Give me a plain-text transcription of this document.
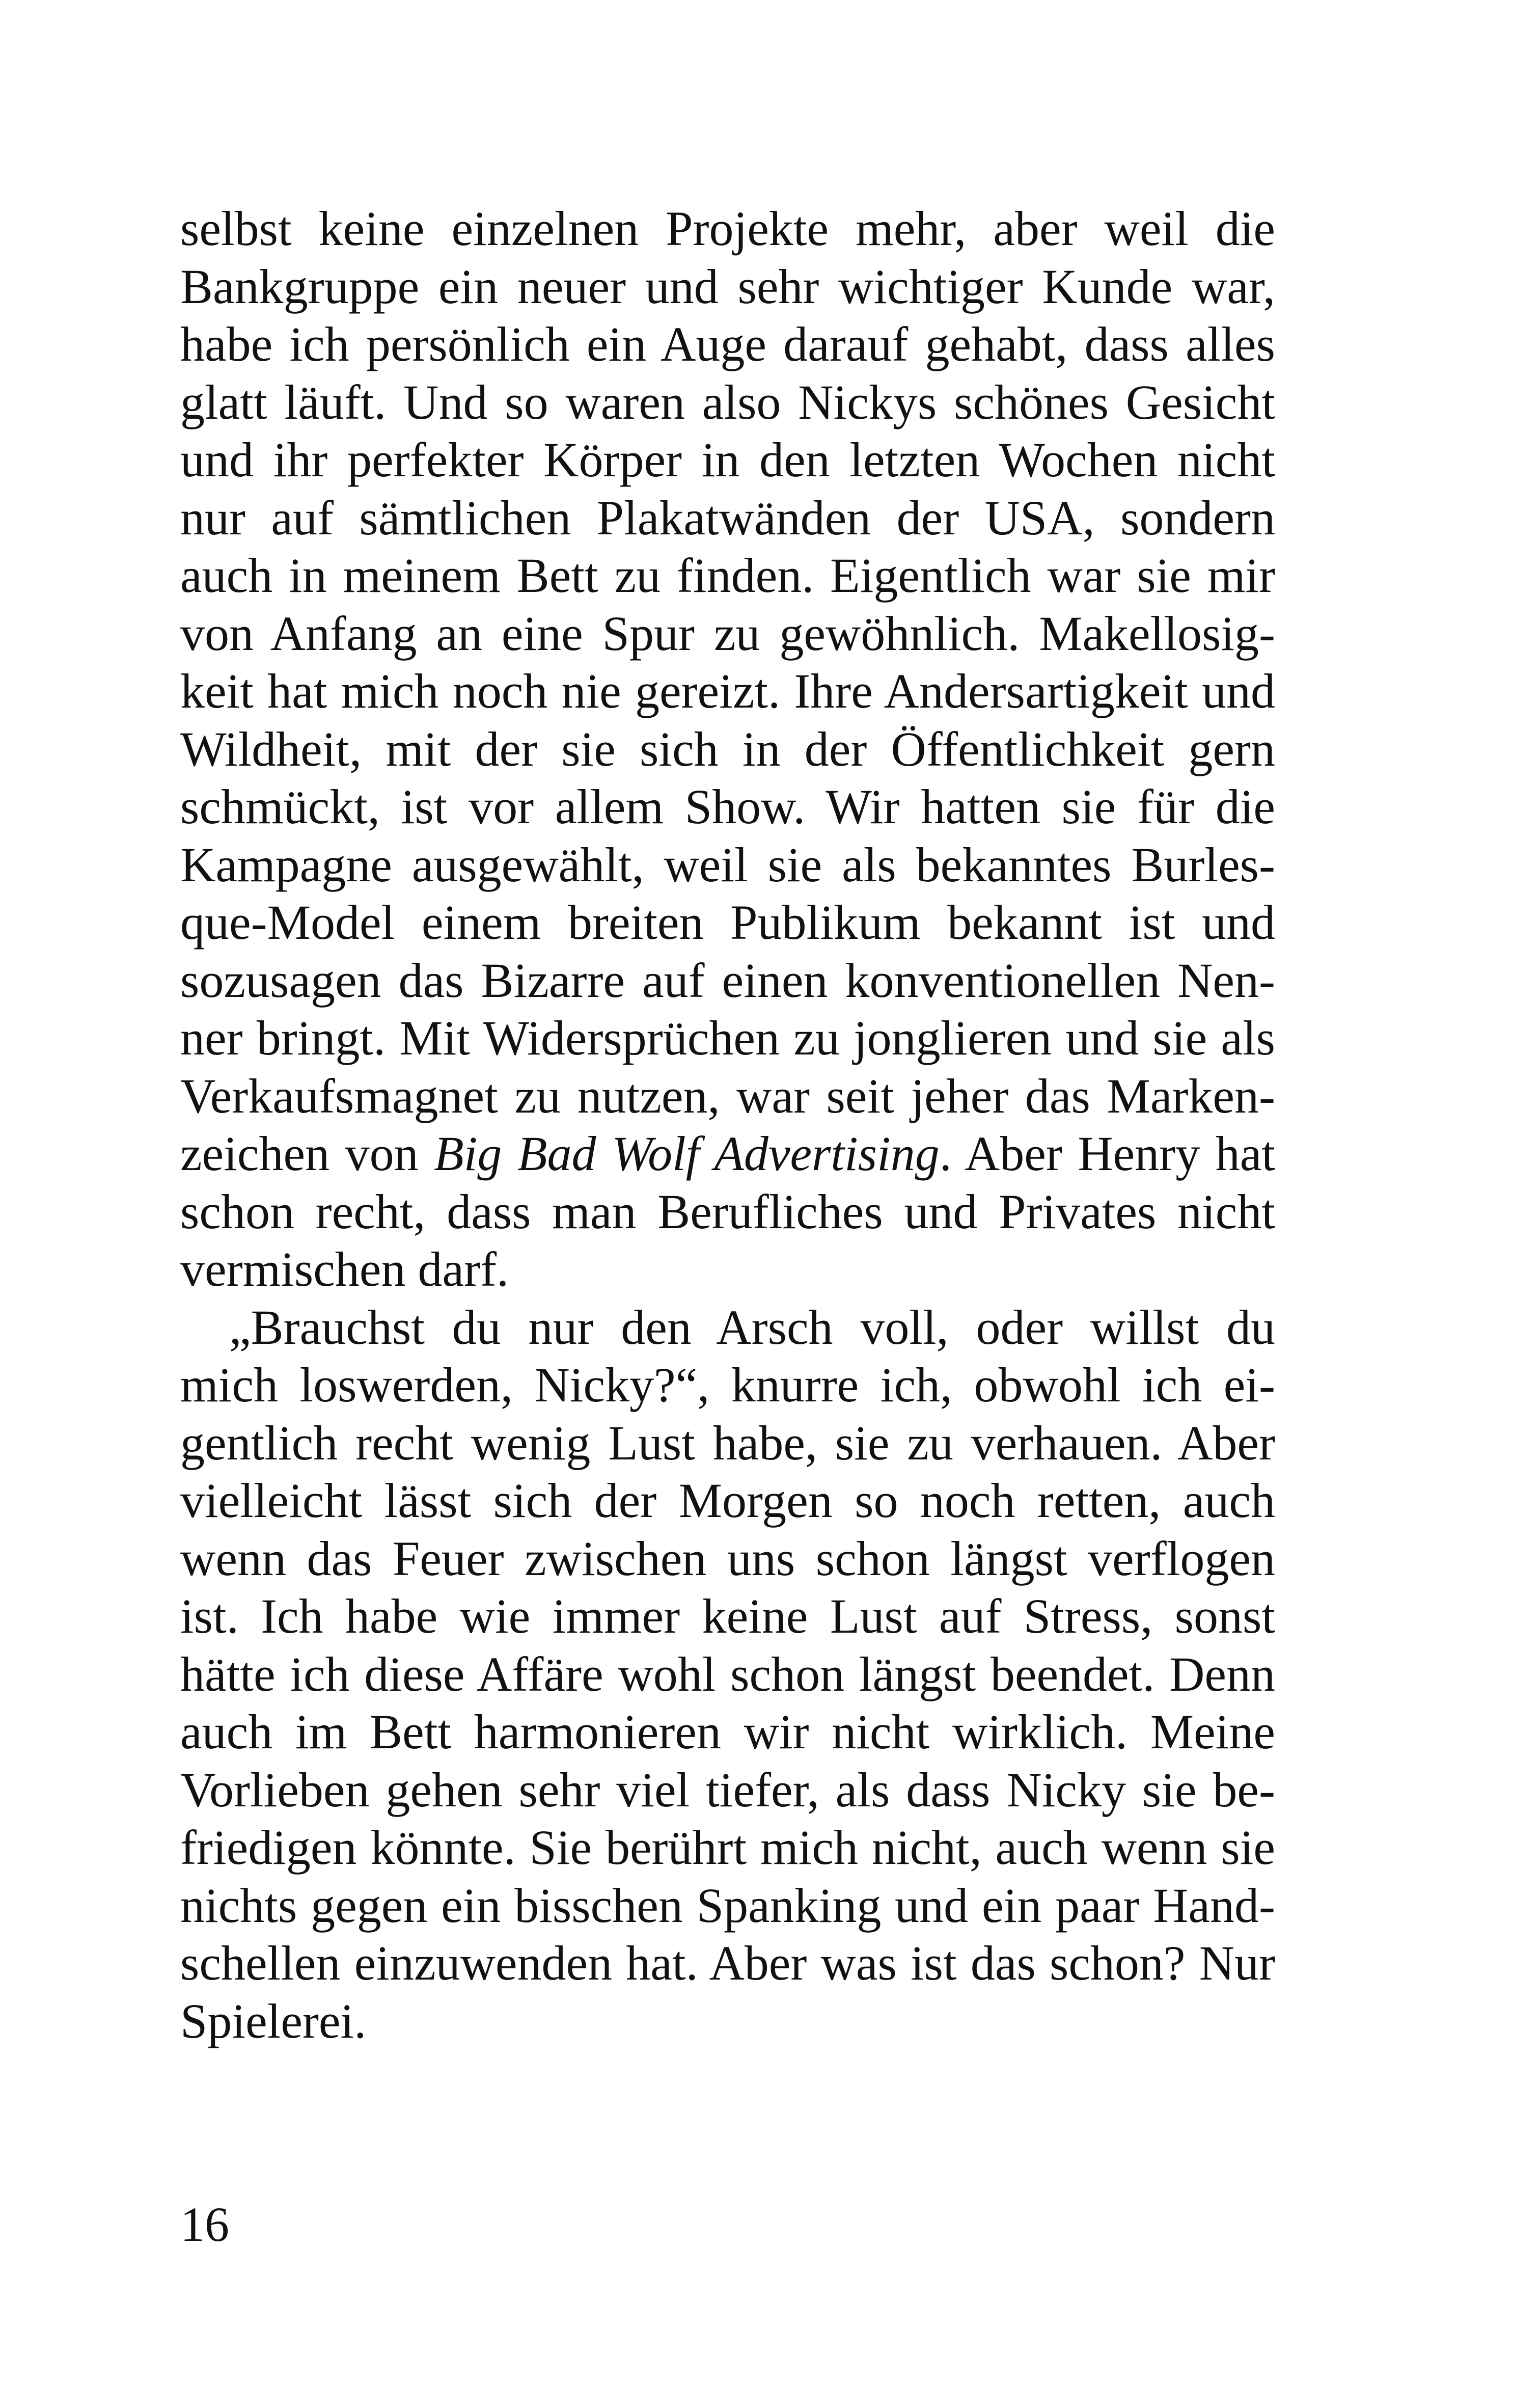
selbst keine einzelnen Projekte mehr, aber weil die
Bankgruppe ein neuer und sehr wichtiger Kunde war,
habe ich persönlich ein Auge darauf gehabt, dass alles
glatt läuft. Und so waren also Nickys schönes Gesicht
und ihr perfekter Körper in den letzten Wochen nicht
nur auf sämtlichen Plakatwänden der USA, sondern
auch in meinem Bett zu finden. Eigentlich war sie mir
von Anfang an eine Spur zu gewöhnlich. Makellosig-
keit hat mich noch nie gereizt. Ihre Andersartigkeit und
Wildheit, mit der sie sich in der Öffentlichkeit gern
schmückt, ist vor allem Show. Wir hatten sie für die
Kampagne ausgewählt, weil sie als bekanntes Burles-
que-Model einem breiten Publikum bekannt ist und
sozusagen das Bizarre auf einen konventionellen Nen-
ner bringt. Mit Widersprüchen zu jonglieren und sie als
Verkaufsmagnet zu nutzen, war seit jeher das Marken-
zeichen von Big Bad Wolf Advertising. Aber Henry hat
schon recht, dass man Berufliches und Privates nicht
vermischen darf.
„Brauchst du nur den Arsch voll, oder willst du
mich loswerden, Nicky?“, knurre ich, obwohl ich ei-
gentlich recht wenig Lust habe, sie zu verhauen. Aber
vielleicht lässt sich der Morgen so noch retten, auch
wenn das Feuer zwischen uns schon längst verflogen
ist. Ich habe wie immer keine Lust auf Stress, sonst
hätte ich diese Affäre wohl schon längst beendet. Denn
auch im Bett harmonieren wir nicht wirklich. Meine
Vorlieben gehen sehr viel tiefer, als dass Nicky sie be-
friedigen könnte. Sie berührt mich nicht, auch wenn sie
nichts gegen ein bisschen Spanking und ein paar Hand-
schellen einzuwenden hat. Aber was ist das schon? Nur
Spielerei.
16
